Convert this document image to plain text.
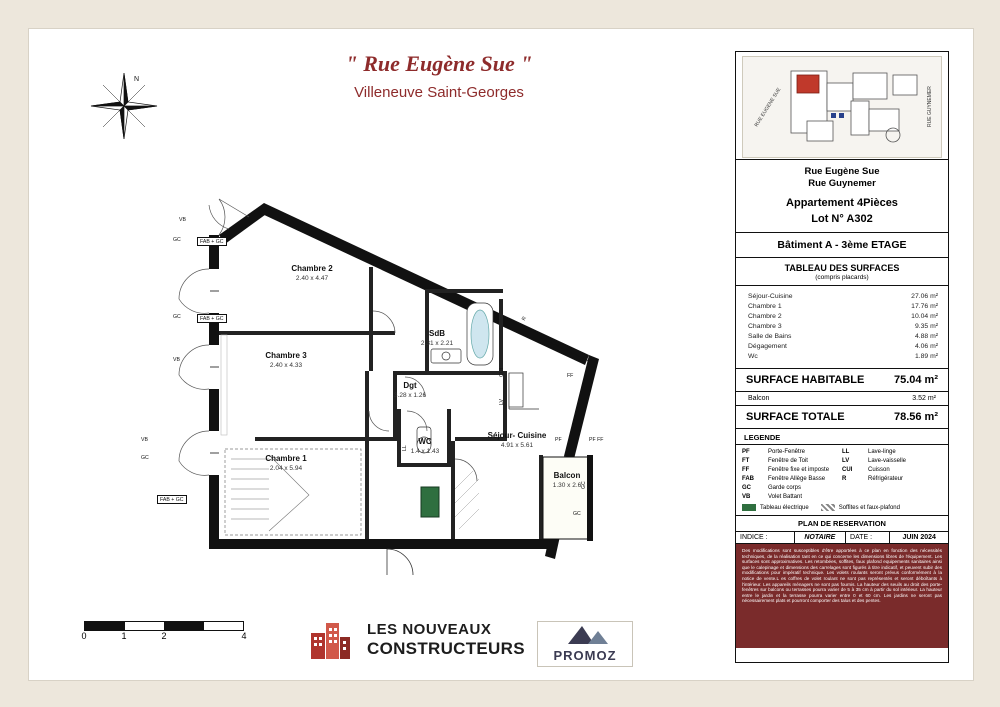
" Rue Eugène Sue "
Villeneuve Saint-Georges
N
RUE EUGENE SUE	RUE GUYNEMER
Rue Eugène Sue
Rue Guynemer
Appartement 4Pièces
Lot N° A302
Bâtiment A - 3ème ETAGE
TABLEAU DES SURFACES
(compris placards)
Séjour-Cuisine	27.06 m²
Chambre 1	17.76 m²
Chambre 2	10.04 m²
Chambre 3	9.35 m²
Salle de Bains	4.88 m²
Dégagement	4.06 m²
Wc	1.89 m²
SURFACE HABITABLE	75.04 m²
Balcon	3.52 m²
SURFACE TOTALE	78.56 m²
LEGENDE
PF	Porte-Fenêtre
FT	Fenêtre de Toit
FF	Fenêtre fixe et imposte
FAB	Fenêtre Allège Basse
GC	Garde corps
VB	Volet Battant
LL	Lave-linge
LV	Lave-vaisselle
CUI	Cuisson
R	Réfrigérateur
Tableau électrique	Soffites et faux-plafond
PLAN DE RESERVATION
INDICE :	NOTAIRE	DATE :	JUIN 2024
Des modifications sont susceptibles d'être apportées à ce plan en fonction des nécessités techniques, de la réalisation tant en ce qui concerne les dimensions libres de l'équipement. Les surfaces sont approximatives. Les retombées, soffites, faux plafond equipements sanitaires ainsi que le calepinage et dimensions des carrelages sont figurés à titre indicatif, et peuvent subir des modifications pour impératif technique. Les volets roulants seront prévus conformément à la notice de vente.L es coffres de volet roulant ne sont pas représentés et seront déboîtants à l'intérieur. Les appareils ménagers ne sont pas fournis. La hauteur des seuils au droit des porte-fenêtres sur balcons ou terrasses pourra varier de 5 à 35 cm à partir du sol intérieur. La hauteur entre le jardin et la terrasse pourra varier entre 0 et 60 cm. Les jardins ne seront pas nécessairement plats et pourront comporter des talus et des pentes.
Chambre 2
2.40 x 4.47
Chambre 3
2.40 x 4.33
Chambre 1
2.04 x 5.94
SdB
2.31 x 2.21
Dgt
3.28 x 1.26
WC
1.4 x 1.43
Séjour- Cuisine
4.91 x 5.61
Balcon
1.30 x 2.6
VB
GC	FAB + GC
GC	FAB + GC
VB
VB
GC
FAB + GC
FF
PF
GC
CUI
LV
LL
R
PF FF
GC
0	1	2	4	LES NOUVEAUX
CONSTRUCTEURS	PROMOZ
